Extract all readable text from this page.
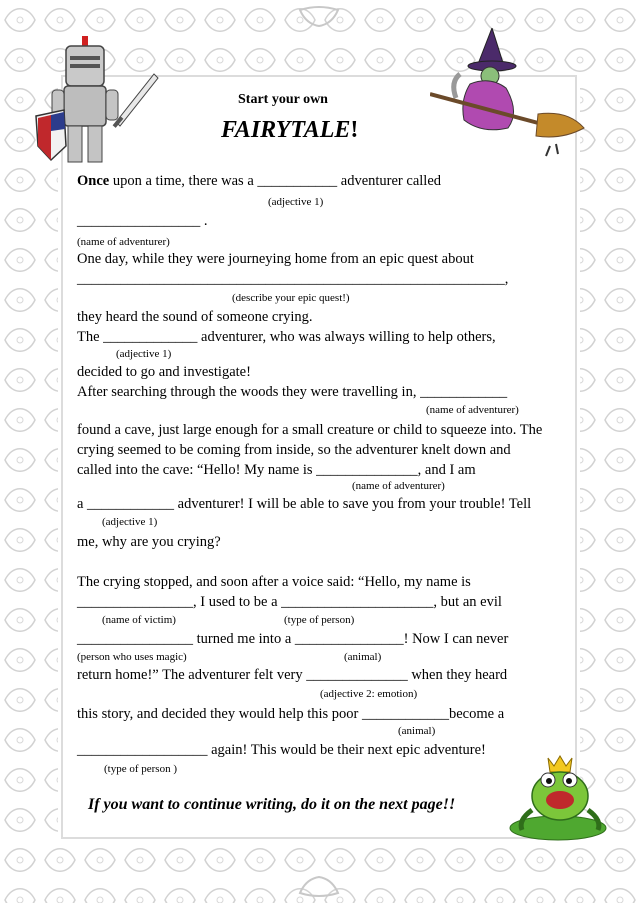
Start your own
FAIRYTALE!
Once upon a time, there was a ___________ adventurer called
(adjective 1)
_________________ .
(name of adventurer)
One day, while they were journeying home from an epic quest about
___________________________________________________________,
(describe your epic quest!)
they heard the sound of someone crying.
The _____________ adventurer, who was always willing to help others,
(adjective 1)
decided to go and investigate!
After searching through the woods they were travelling in, ____________
(name of adventurer)
found a cave, just large enough for a small creature or child to squeeze into. The
crying seemed to be coming from inside, so the adventurer knelt down and
called into the cave: “Hello! My name is ______________, and I am
(name of adventurer)
a ____________ adventurer! I will be able to save you from your trouble! Tell
(adjective 1)
me, why are you crying?
The crying stopped, and soon after a voice said: “Hello, my name is
________________, I used to be a _____________________, but an evil
(name of victim)	(type of person)
________________ turned me into a _______________! Now I can never
(person who uses magic)	(animal)
return home!” The adventurer felt very ______________ when they heard
(adjective 2: emotion)
this story, and decided they would help this poor ____________become a
(animal)
__________________ again! This would be their next epic adventure!
(type of person )
If you want to continue writing, do it on the next page!!
